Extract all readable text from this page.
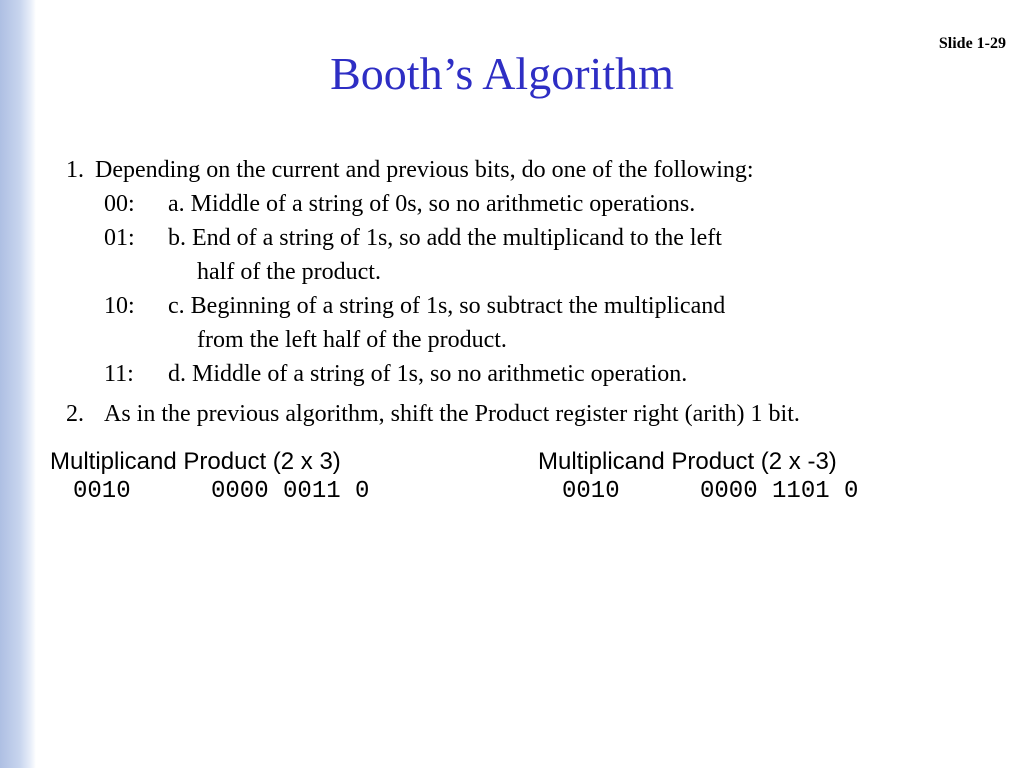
Slide 1-29
Booth’s Algorithm
1. Depending on the current and previous bits, do one of the following:
00: a. Middle of a string of 0s, so no arithmetic operations.
01: b. End of a string of 1s, so add the multiplicand to the left
half of the product.
10: c. Beginning of a string of 1s, so subtract the multiplicand
from the left half of the product.
11: d. Middle of a string of 1s, so no arithmetic operation.
2. As in the previous algorithm, shift the Product register right (arith) 1 bit.
Multiplicand Product (2 x 3)
0010	0000 0011 0
Multiplicand Product (2 x -3)
0010	0000 1101 0
